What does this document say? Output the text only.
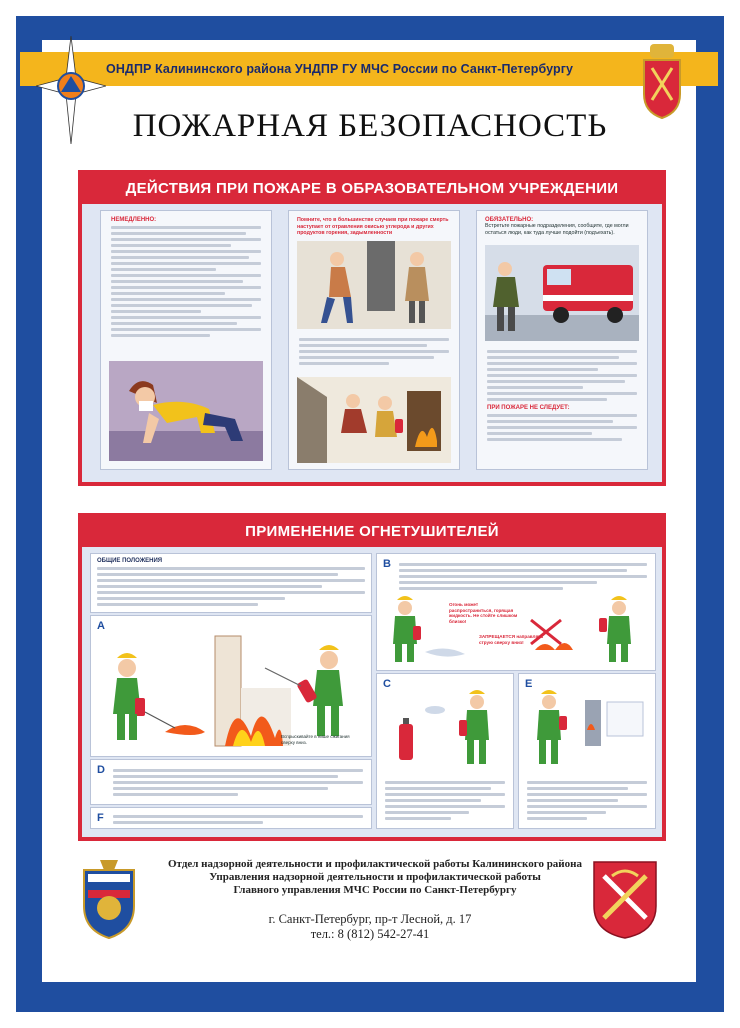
ОНДПР Калининского района УНДПР ГУ МЧС России по Санкт-Петербургу
ПОЖАРНАЯ БЕЗОПАСНОСТЬ
ДЕЙСТВИЯ ПРИ ПОЖАРЕ В ОБРАЗОВАТЕЛЬНОМ УЧРЕЖДЕНИИ
НЕМЕДЛЕННО:	Помните, что в большинстве случаев при пожаре смерть наступает от отравления окисью углерода и других продуктов горения, задымленности
ОБЯЗАТЕЛЬНО:
Встретьте пожарные подразделения, сообщите, где могли остаться люди, как туда лучше подойти (подъехать).
ПРИ ПОЖАРЕ НЕ СЛЕДУЕТ:
ПРИМЕНЕНИЕ ОГНЕТУШИТЕЛЕЙ
ОБЩИЕ ПОЛОЖЕНИЯ
A
Вспрыскивайте в нише сжигания сверху вниз.
D
F
B
Огонь может распространиться, горящая жидкость. Не стойте слишком близко!
ЗАПРЕЩАЕТСЯ направлять струю сверху вниз!
C	E
Отдел надзорной деятельности и профилактической работы Калининского района
Управления надзорной деятельности и профилактической работы
Главного управления МЧС России по Санкт-Петербургу
г. Санкт-Петербург, пр-т Лесной, д. 17
тел.: 8 (812) 542-27-41
